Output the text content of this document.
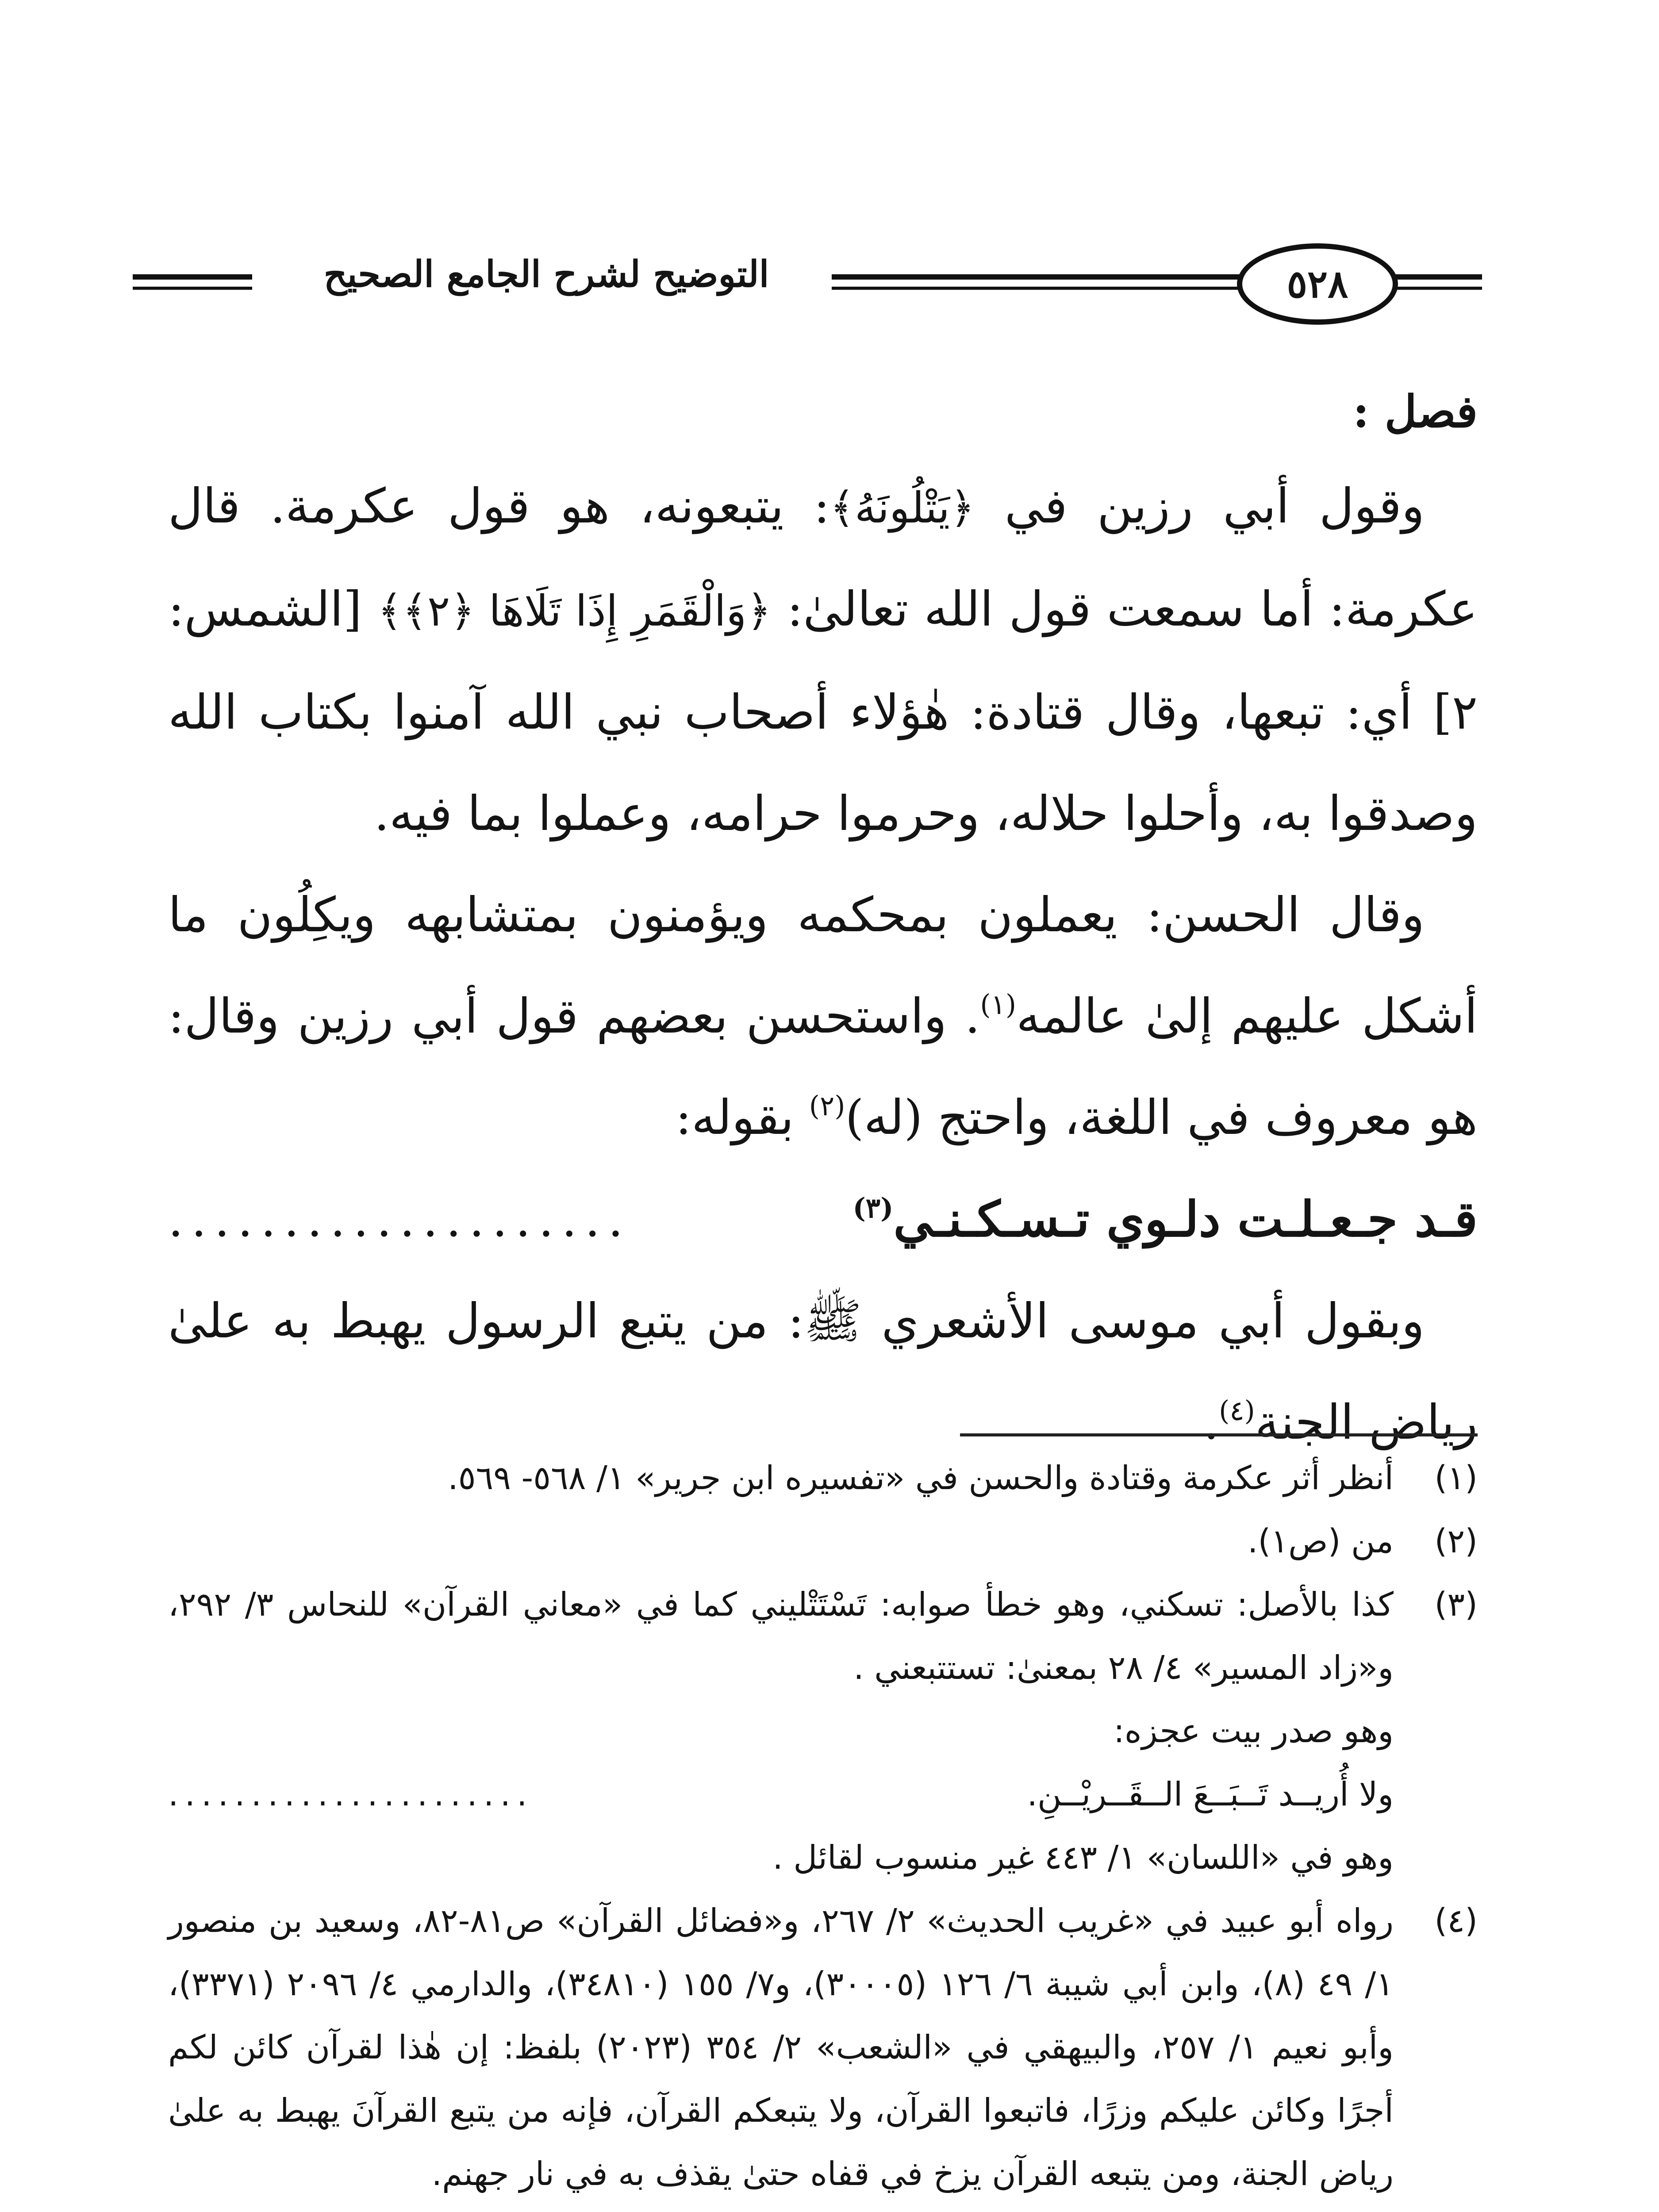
٥٢٨
التوضيح لشرح الجامع الصحيح

فصل :

وقول أبي رزين في ﴿يَتْلُونَهُ﴾: يتبعونه، هو قول عكرمة. قال عكرمة: أما سمعت قول الله تعالىٰ: ﴿وَالْقَمَرِ إِذَا تَلَاهَا ﴿٢﴾﴾ [الشمس: ٢] أي: تبعها، وقال قتادة: هٰؤلاء أصحاب نبي الله آمنوا بكتاب الله وصدقوا به، وأحلوا حلاله، وحرموا حرامه، وعملوا بما فيه.

وقال الحسن: يعملون بمحكمه ويؤمنون بمتشابهه ويكِلُون ما أشكل عليهم إلىٰ عالمه$^{(١)}$. واستحسن بعضهم قول أبي رزين وقال: هو معروف في اللغة، واحتج (له)$^{(٢)}$ بقوله:

قـد جـعـلـت دلـوي تـسـكـنـي$^{(٣)}$
....................

وبقول أبي موسى الأشعري ﷺ: من يتبع الرسول يهبط به علىٰ رياض الجنة$^{(٤)}$.

(١)
أنظر أثر عكرمة وقتادة والحسن في «تفسيره ابن جرير» ١/ ٥٦٨- ٥٦٩.
(٢)
من (ص١).
(٣)
كذا بالأصل: تسكني، وهو خطأ صوابه: تَسْتَتْليني كما في «معاني القرآن» للنحاس ٣/ ٢٩٢، و«زاد المسير» ٤/ ٢٨ بمعنىٰ: تستتبعني .
وهو صدر بيت عجزه:
ولا أُريــد تَــبَــعَ الــقَــريْــنِ.
......................
وهو في «اللسان» ١/ ٤٤٣ غير منسوب لقائل .
(٤)
رواه أبو عبيد في «غريب الحديث» ٢/ ٢٦٧، و«فضائل القرآن» ص٨١-٨٢، وسعيد بن منصور ١/ ٤٩ (٨)، وابن أبي شيبة ٦/ ١٢٦ (٣٠٠٠٥)، و٧/ ١٥٥ (٣٤٨١٠)، والدارمي ٤/ ٢٠٩٦ (٣٣٧١)، وأبو نعيم ١/ ٢٥٧، والبيهقي في «الشعب» ٢/ ٣٥٤ (٢٠٢٣) بلفظ: إن هٰذا لقرآن كائن لكم أجرًا وكائن عليكم وزرًا، فاتبعوا القرآن، ولا يتبعكم القرآن، فإنه من يتبع القرآنَ يهبط به علىٰ رياض الجنة، ومن يتبعه القرآن يزخ في قفاه حتىٰ يقذف به في نار جهنم.
